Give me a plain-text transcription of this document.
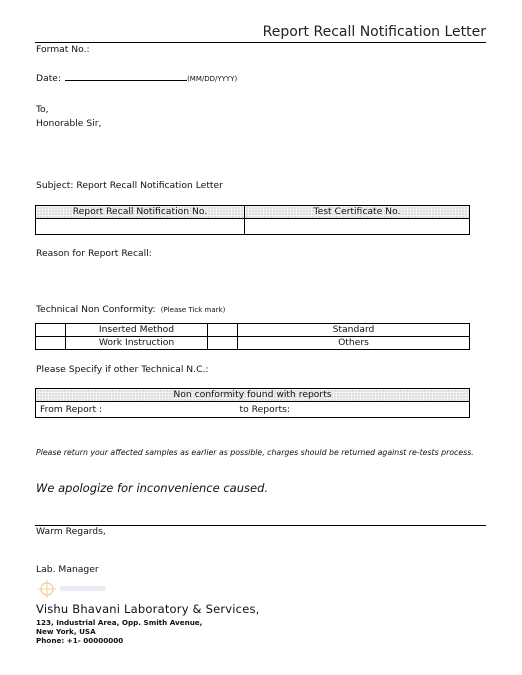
Report Recall Notification Letter
Format No.:
Date:	(MM/DD/YYYY)
To,
Honorable Sir,
Subject: Report Recall Notification Letter
Report Recall Notification No.	Test Certificate No.

Reason for Report Recall:
Technical Non Conformity: (Please Tick mark)
	Inserted Method		Standard
	Work Instruction		Others
Please Specify if other Technical N.C.:
Non conformity found with reports
From Report :	to Reports:
Please return your affected samples as earlier as possible, charges should be returned against re-tests process.
We apologize for inconvenience caused.
Warm Regards,
Lab. Manager
Vishu Bhavani Laboratory & Services,
123, Industrial Area, Opp. Smith Avenue,
New York, USA
Phone: +1- 00000000
